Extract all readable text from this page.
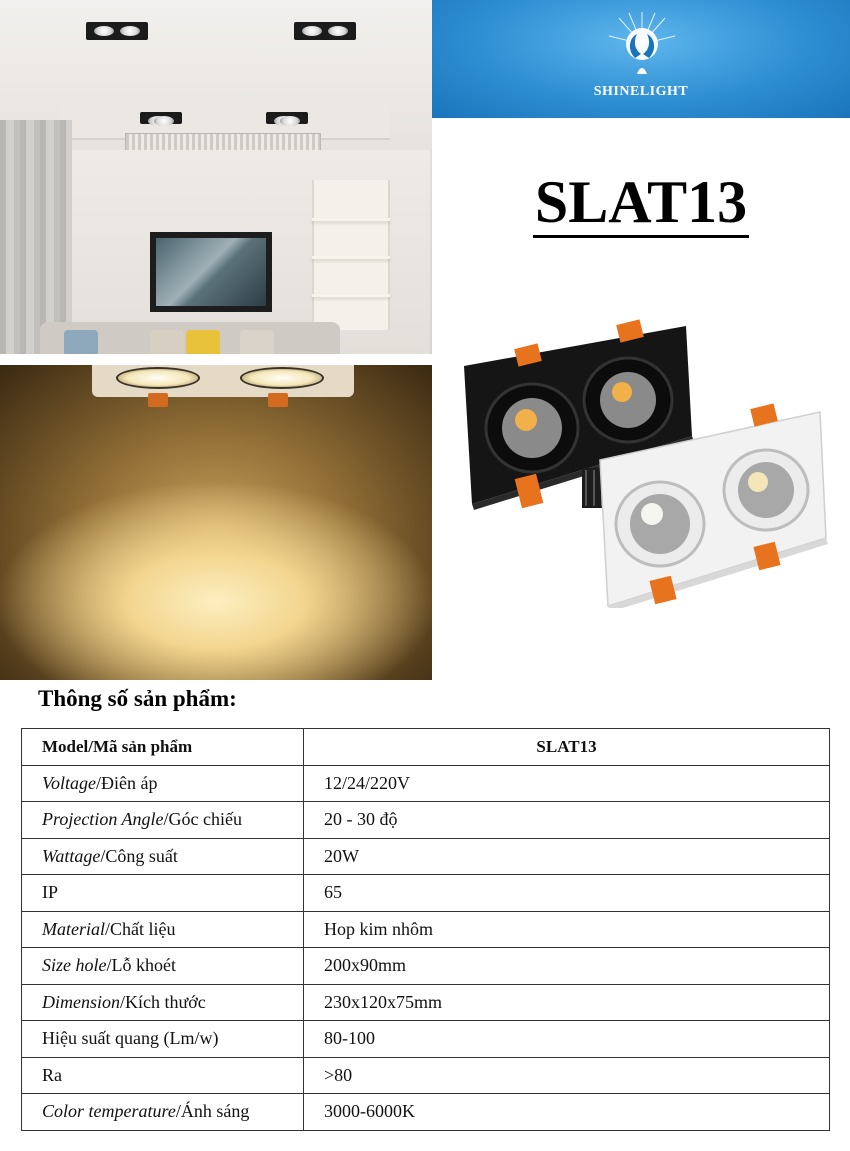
SHINELIGHT
SLAT13
Thông số sản phẩm:
Model/Mã sản phẩm	SLAT13
Voltage/Điên áp	12/24/220V
Projection Angle/Góc chiếu	20 - 30 độ
Wattage/Công suất	20W
IP	65
Material/Chất liệu	Hop kim nhôm
Size hole/Lỗ khoét	200x90mm
Dimension/Kích thước	230x120x75mm
Hiệu suất quang (Lm/w)	80-100
Ra	>80
Color temperature/Ánh sáng	3000-6000K
